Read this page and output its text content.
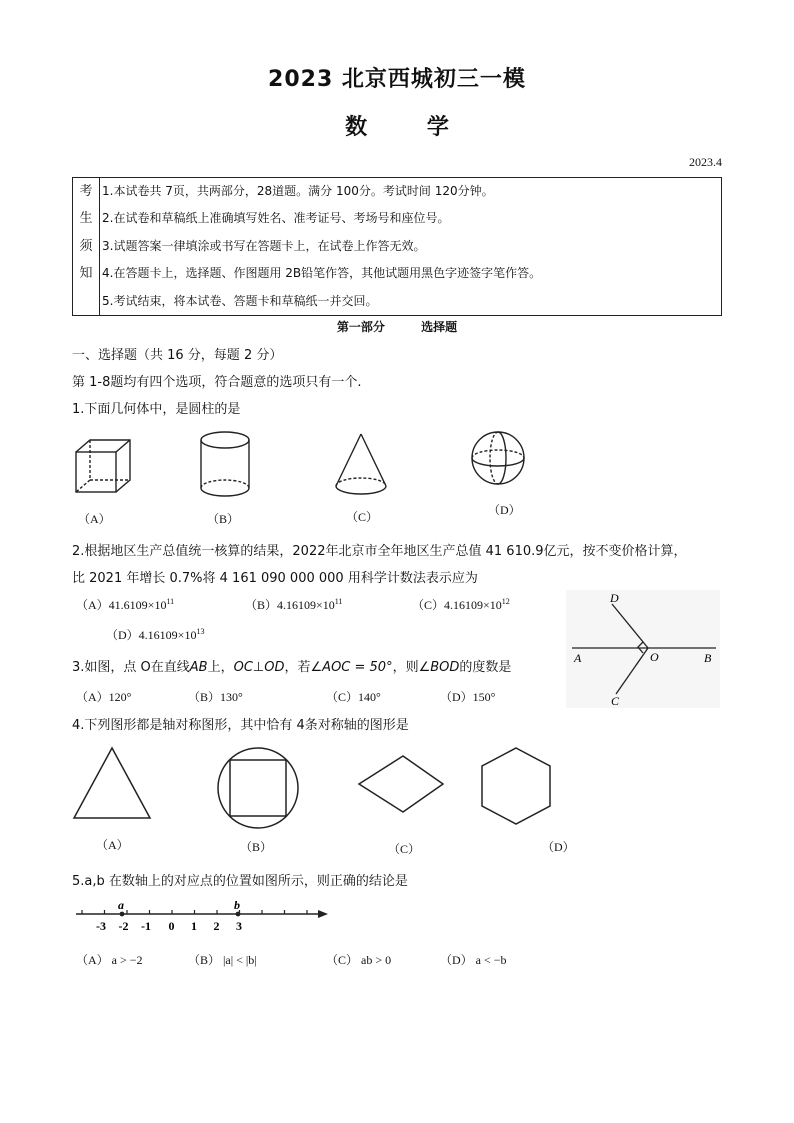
2023 北京西城初三一模
数	学
2023.4
考
生
须
知

1.本试卷共 7页，共两部分，28道题。满分 100分。考试时间 120分钟。
2.在试卷和草稿纸上准确填写姓名、准考证号、考场号和座位号。
3.试题答案一律填涂或书写在答题卡上，在试卷上作答无效。
4.在答题卡上，选择题、作图题用 2B铅笔作答，其他试题用黑色字迹签字笔作答。
5.考试结束，将本试卷、答题卡和草稿纸一并交回。
第一部分	选择题
一、选择题（共 16 分，每题 2 分）
第 1-8题均有四个选项，符合题意的选项只有一个.
1.下面几何体中，是圆柱的是
（A）	（B）	（C）	（D）
2.根据地区生产总值统一核算的结果，2022年北京市全年地区生产总值 41 610.9亿元，按不变价格计算，
比 2021 年增长 0.7%将 4 161 090 000 000 用科学计数法表示应为
$(A)41.6109\times 10^{11}$	$(B)4.16109\times 10^{11}$	$(C)4.16109\times 10^{12}$
$(D)4.16109\times 10^{13}$
A	B
O
D
C
3.如图，点 O在直线AB上，OC⊥OD，若∠AOC = 50°，则∠BOD的度数是
（A）120°	（B）130°	（C）140°	（D）150°
4.下列图形都是轴对称图形，其中恰有 4条对称轴的图形是
（A）	（B）	（C）	（D）
5.a,b 在数轴上的对应点的位置如图所示，则正确的结论是
-3 -2 -1 0 1 2 3
a	b
（A） a > −2	（B） |a| < |b|	（C） ab > 0	（D） a < −b
